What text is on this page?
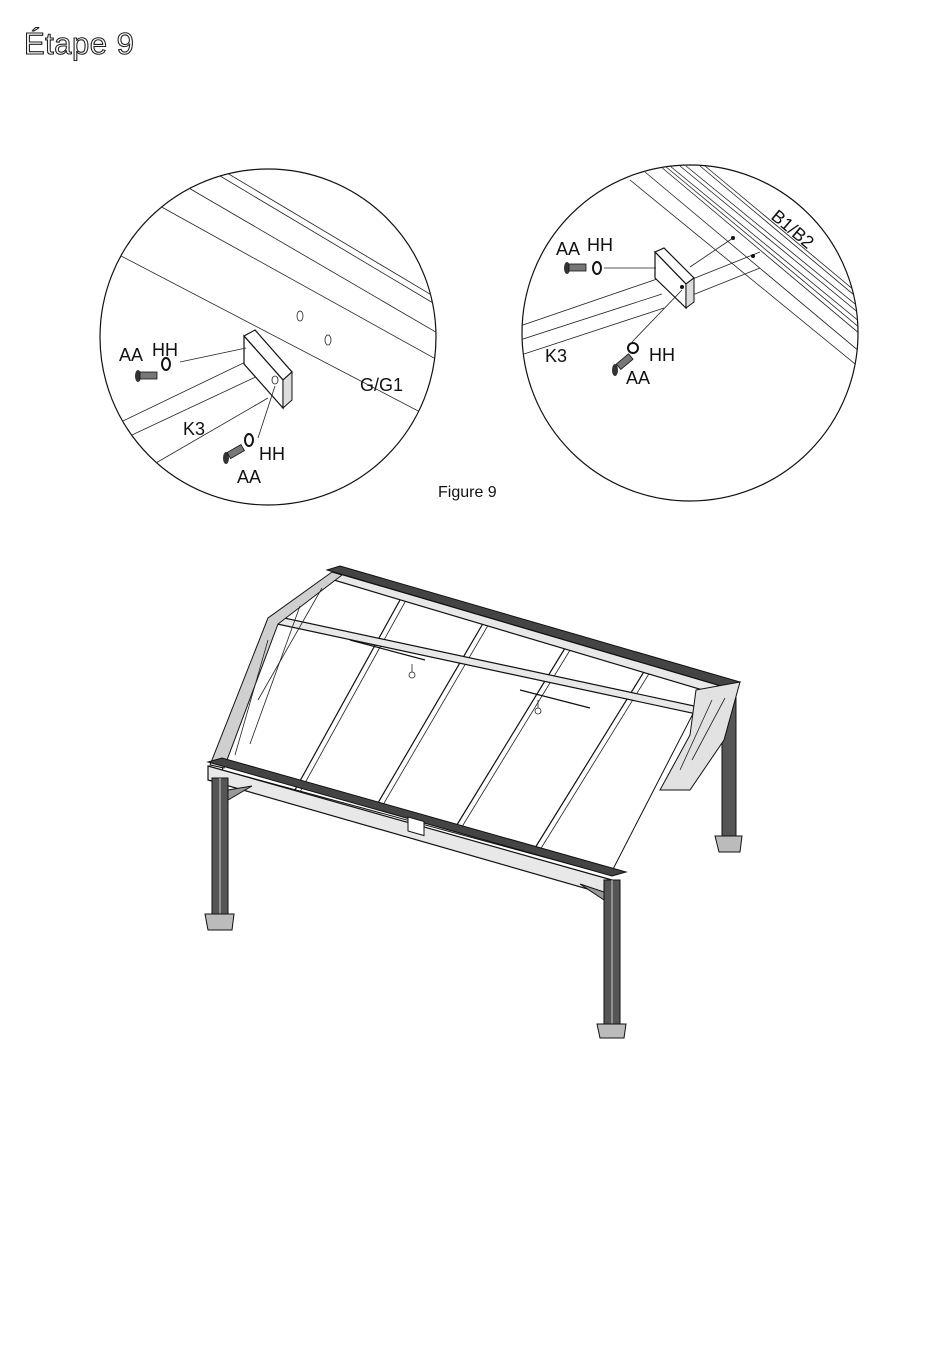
Étape 9
AA HH
K3
HH
AA
G/G1
AA HH
K3	HH
AA
B1/B2
Figure 9
